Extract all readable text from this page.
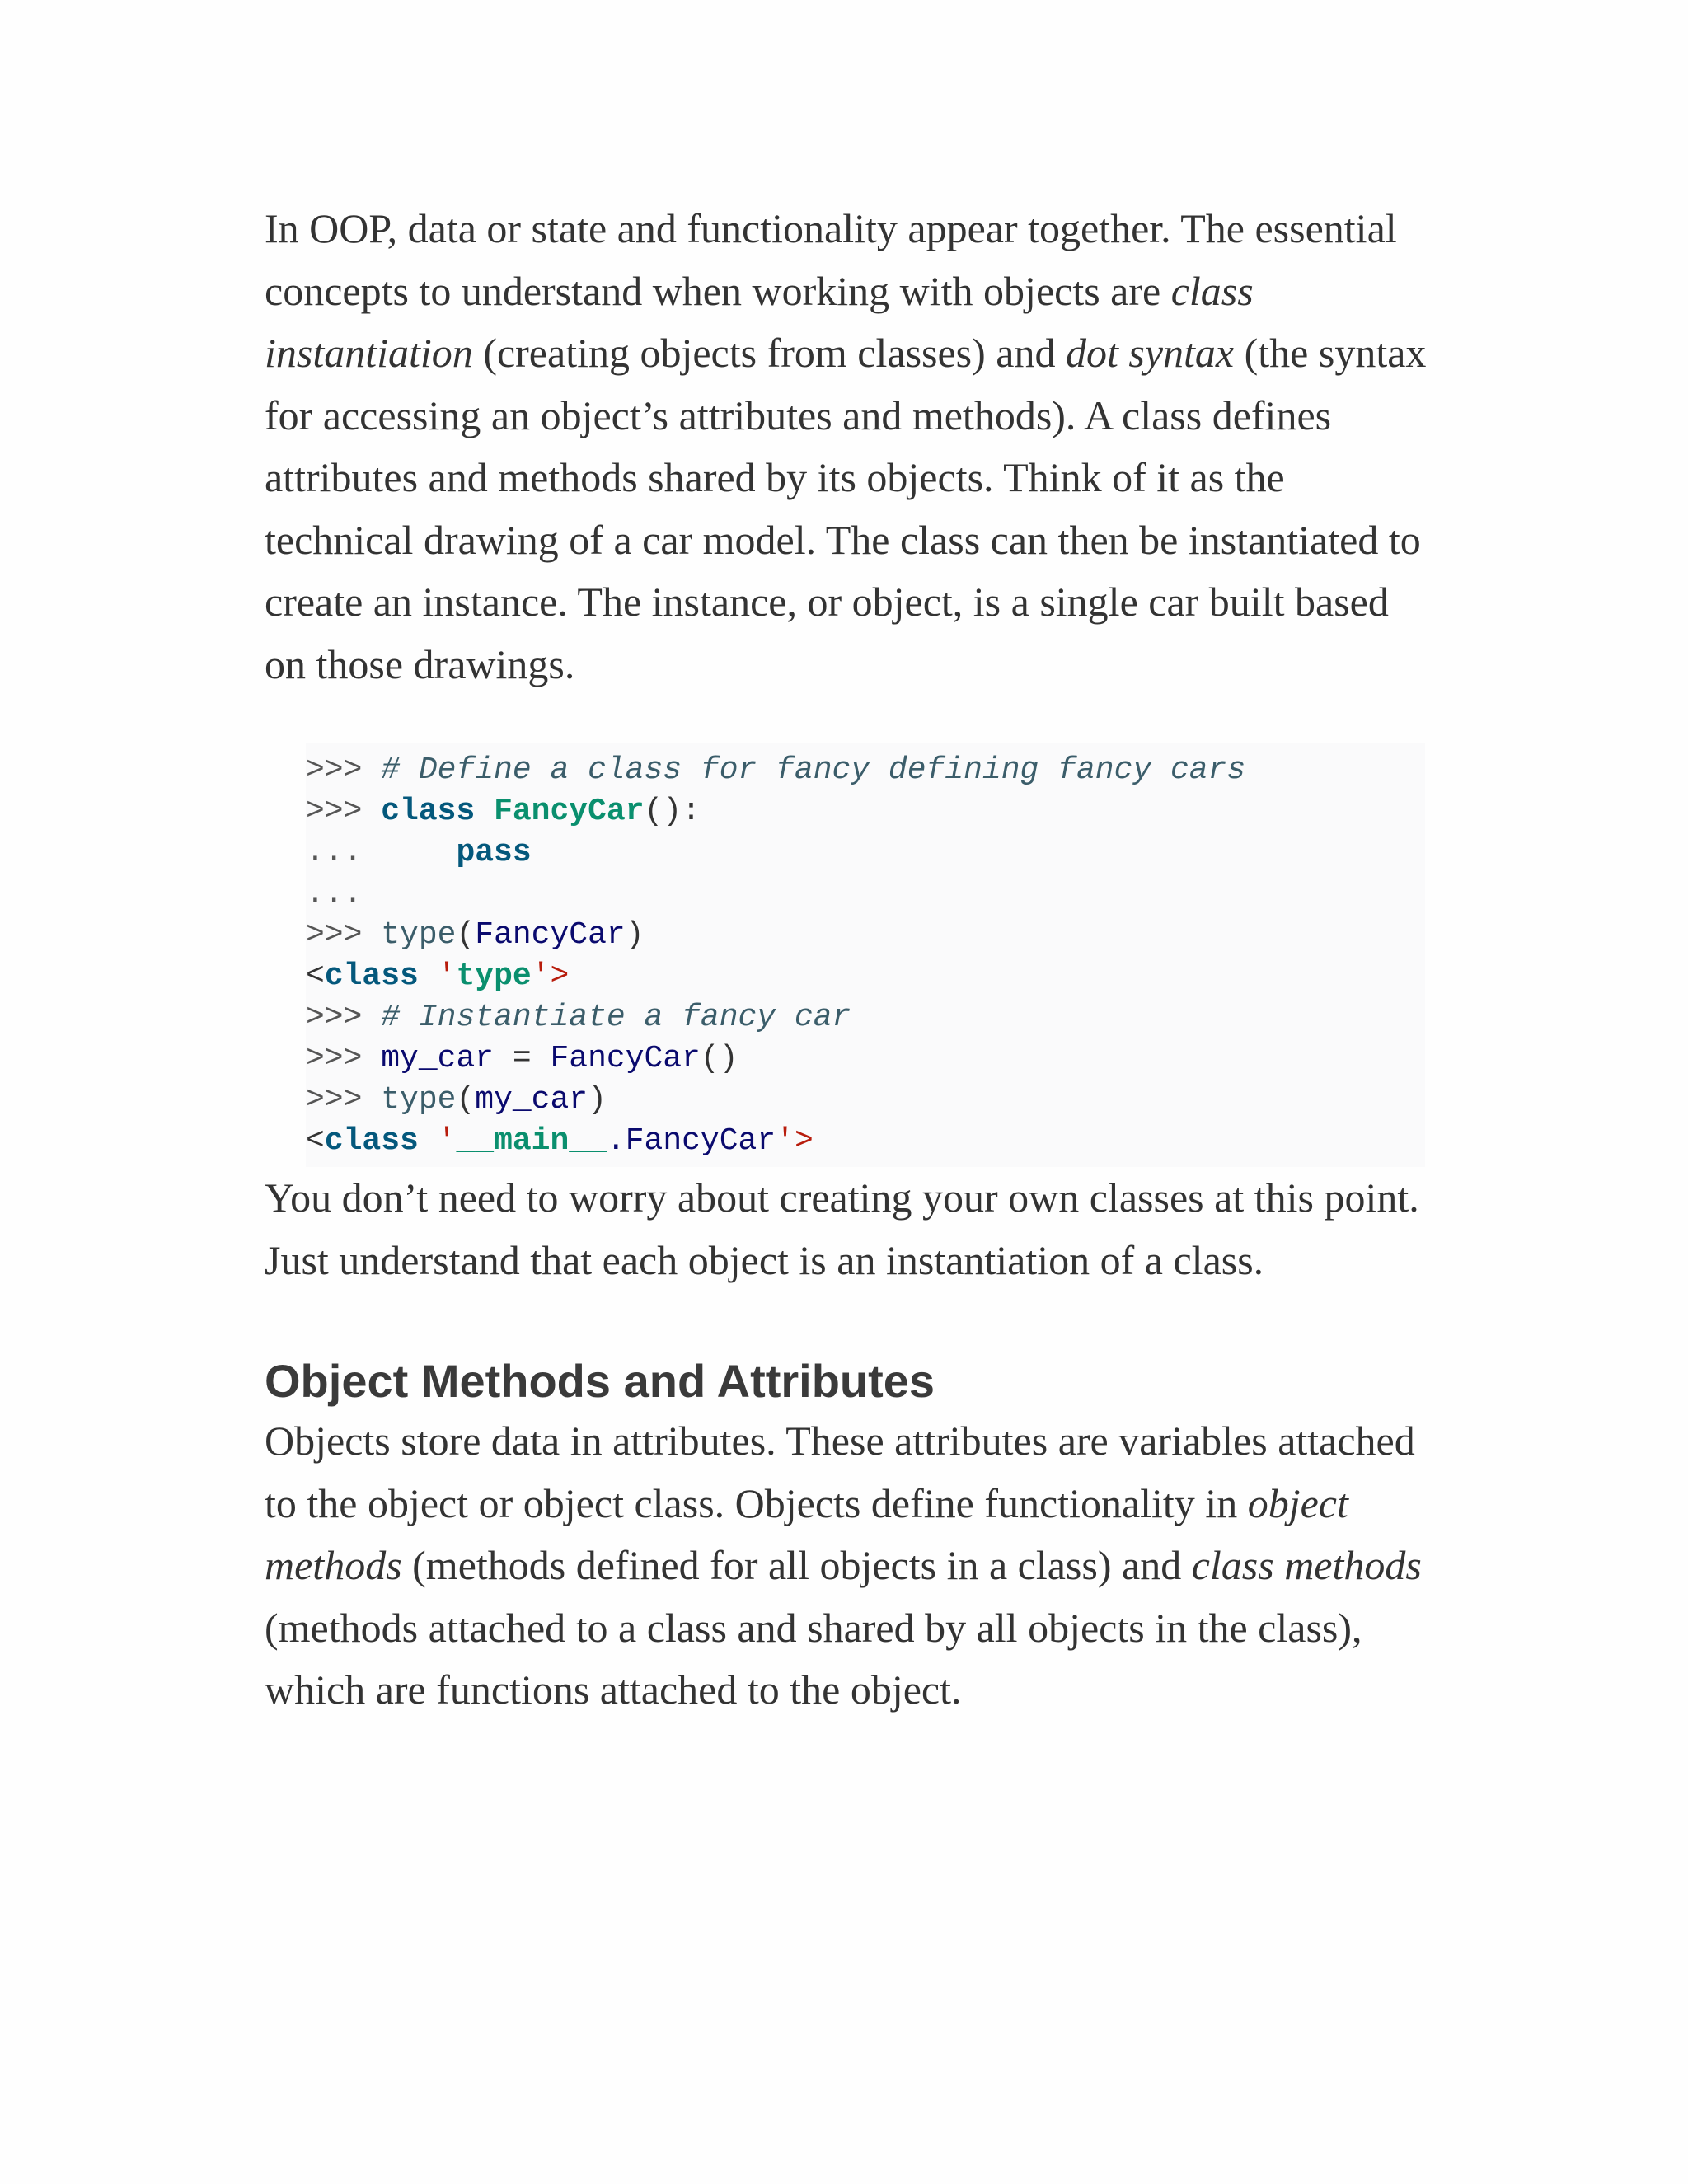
In OOP, data or state and functionality appear together. The essential concepts to understand when working with objects are class instantiation (creating objects from classes) and dot syntax (the syntax for accessing an object’s attributes and methods). A class defines attributes and methods shared by its objects. Think of it as the technical drawing of a car model. The class can then be instantiated to create an instance. The instance, or object, is a single car built based on those drawings.

>>> # Define a class for fancy defining fancy cars
>>> class FancyCar():
...	pass
...
>>> type(FancyCar)
<class 'type'>
>>> # Instantiate a fancy car
>>> my_car = FancyCar()
>>> type(my_car)
<class '__main__.FancyCar'>

You don’t need to worry about creating your own classes at this point. Just understand that each object is an instantiation of a class.

Object Methods and Attributes

Objects store data in attributes. These attributes are variables attached to the object or object class. Objects define functionality in object methods (methods defined for all objects in a class) and class methods (methods attached to a class and shared by all objects in the class), which are functions attached to the object.
